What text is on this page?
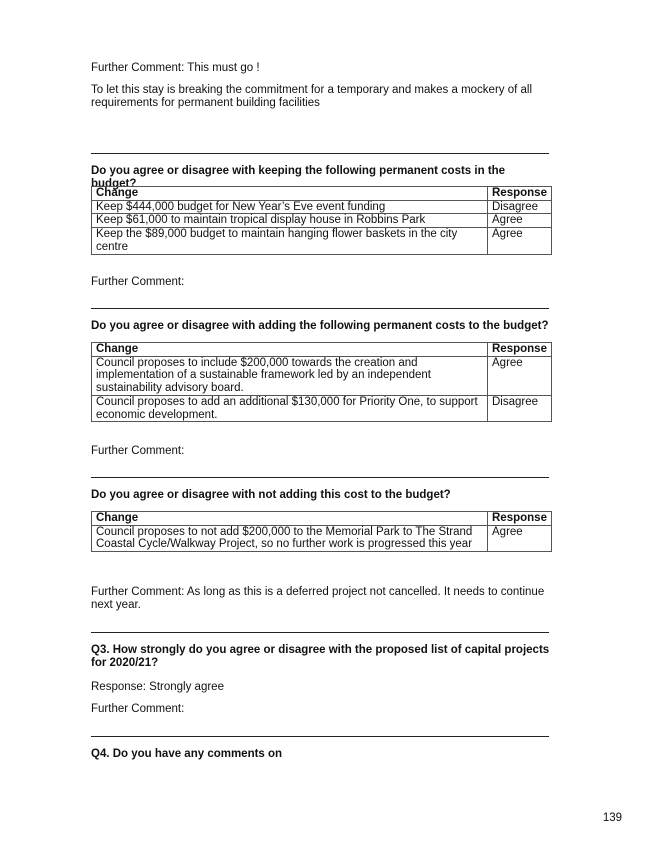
Further Comment: This must go !
To let this stay is breaking the commitment for a temporary and makes a mockery of all requirements for permanent building facilities
Do you agree or disagree with keeping the following permanent costs in the budget?
Change	Response
Keep $444,000 budget for New Year’s Eve event funding	Disagree
Keep $61,000 to maintain tropical display house in Robbins Park	Agree
Keep the $89,000 budget to maintain hanging flower baskets in the city centre	Agree
Further Comment:
Do you agree or disagree with adding the following permanent costs to the budget?
Change	Response
Council proposes to include $200,000 towards the creation and implementation of a sustainable framework led by an independent sustainability advisory board.	Agree
Council proposes to add an additional $130,000 for Priority One, to support economic development.	Disagree
Further Comment:
Do you agree or disagree with not adding this cost to the budget?
Change	Response
Council proposes to not add $200,000 to the Memorial Park to The Strand Coastal Cycle/Walkway Project, so no further work is progressed this year	Agree
Further Comment: As long as this is a deferred project not cancelled. It needs to continue next year.
Q3. How strongly do you agree or disagree with the proposed list of capital projects for 2020/21?
Response: Strongly agree
Further Comment:
Q4. Do you have any comments on
139
